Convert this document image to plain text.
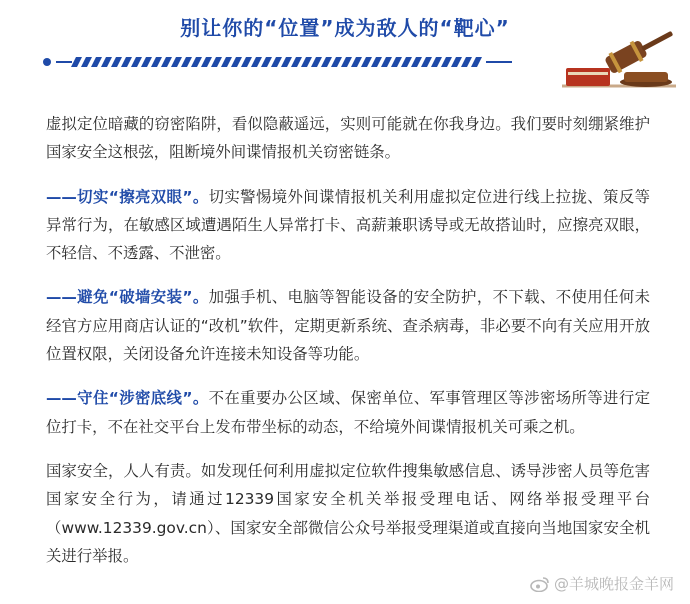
别让你的“位置”成为敌人的“靶心”

虚拟定位暗藏的窃密陷阱，看似隐蔽遥远，实则可能就在你我身边。我们要时刻绷紧维护国家安全这根弦，阻断境外间谍情报机关窃密链条。

——切实“擦亮双眼”。切实警惕境外间谍情报机关利用虚拟定位进行线上拉拢、策反等异常行为，在敏感区域遭遇陌生人异常打卡、高薪兼职诱导或无故搭讪时，应擦亮双眼，不轻信、不透露、不泄密。

——避免“破墙安装”。加强手机、电脑等智能设备的安全防护，不下载、不使用任何未经官方应用商店认证的“改机”软件，定期更新系统、查杀病毒，非必要不向有关应用开放位置权限，关闭设备允许连接未知设备等功能。

——守住“涉密底线”。不在重要办公区域、保密单位、军事管理区等涉密场所等进行定位打卡，不在社交平台上发布带坐标的动态，不给境外间谍情报机关可乘之机。

国家安全，人人有责。如发现任何利用虚拟定位软件搜集敏感信息、诱导涉密人员等危害国家安全行为，请通过12339国家安全机关举报受理电话、网络举报受理平台（www.12339.gov.cn）、国家安全部微信公众号举报受理渠道或直接向当地国家安全机关进行举报。

@羊城晚报金羊网
